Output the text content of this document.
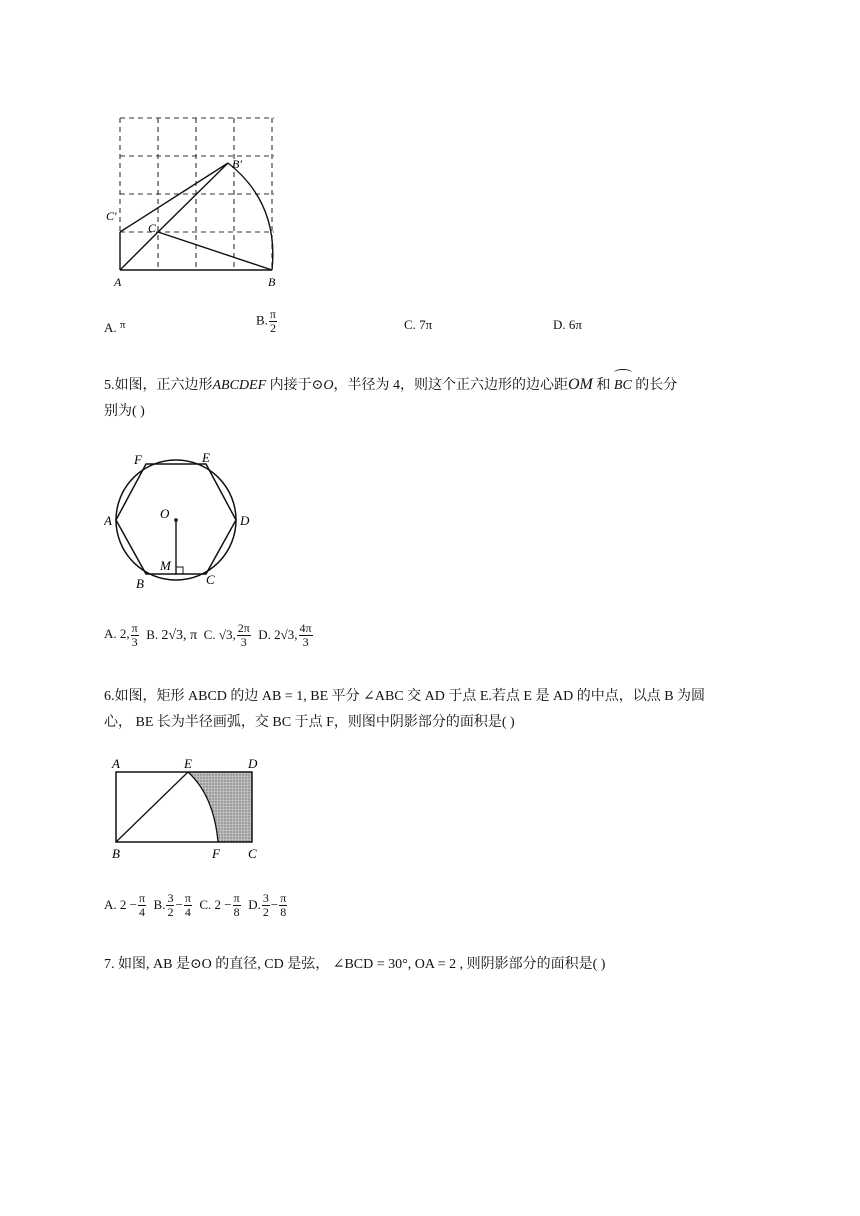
A	B
C
B′
C′
A. $^\pi$	B. $\frac{\pi}{2}$	C. 7π	D. 6π
5.如图，正六边形ABCDEF 内接于⊙O，半径为 4，则这个正六边形的边心距OM 和 BC 的长分
别为( )
F	E
A	D
O
M
B	C
A. 2, $\frac{\pi}{3} B$. 2√3, π C. √3, $\frac{2\pi}{3} D$. 2√3, $\frac{4\pi}{3}$
6.如图，矩形 ABCD 的边 AB = 1, BE 平分 ∠ABC 交 AD 于点 E.若点 E 是 AD 的中点，以点 B 为圆
心， BE 长为半径画弧，交 BC 于点 F，则图中阴影部分的面积是( )
A	E	D
B	F C
A. $2 - \frac{\pi}{4} B$. $\frac{3}{2} - \frac{\pi}{4} C$. $2 - \frac{\pi}{8} D$. $\frac{3}{2} - \frac{\pi}{8}$
7. 如图, AB 是⊙O 的直径, CD 是弦， ∠BCD = 30°, OA = 2 , 则阴影部分的面积是( )
